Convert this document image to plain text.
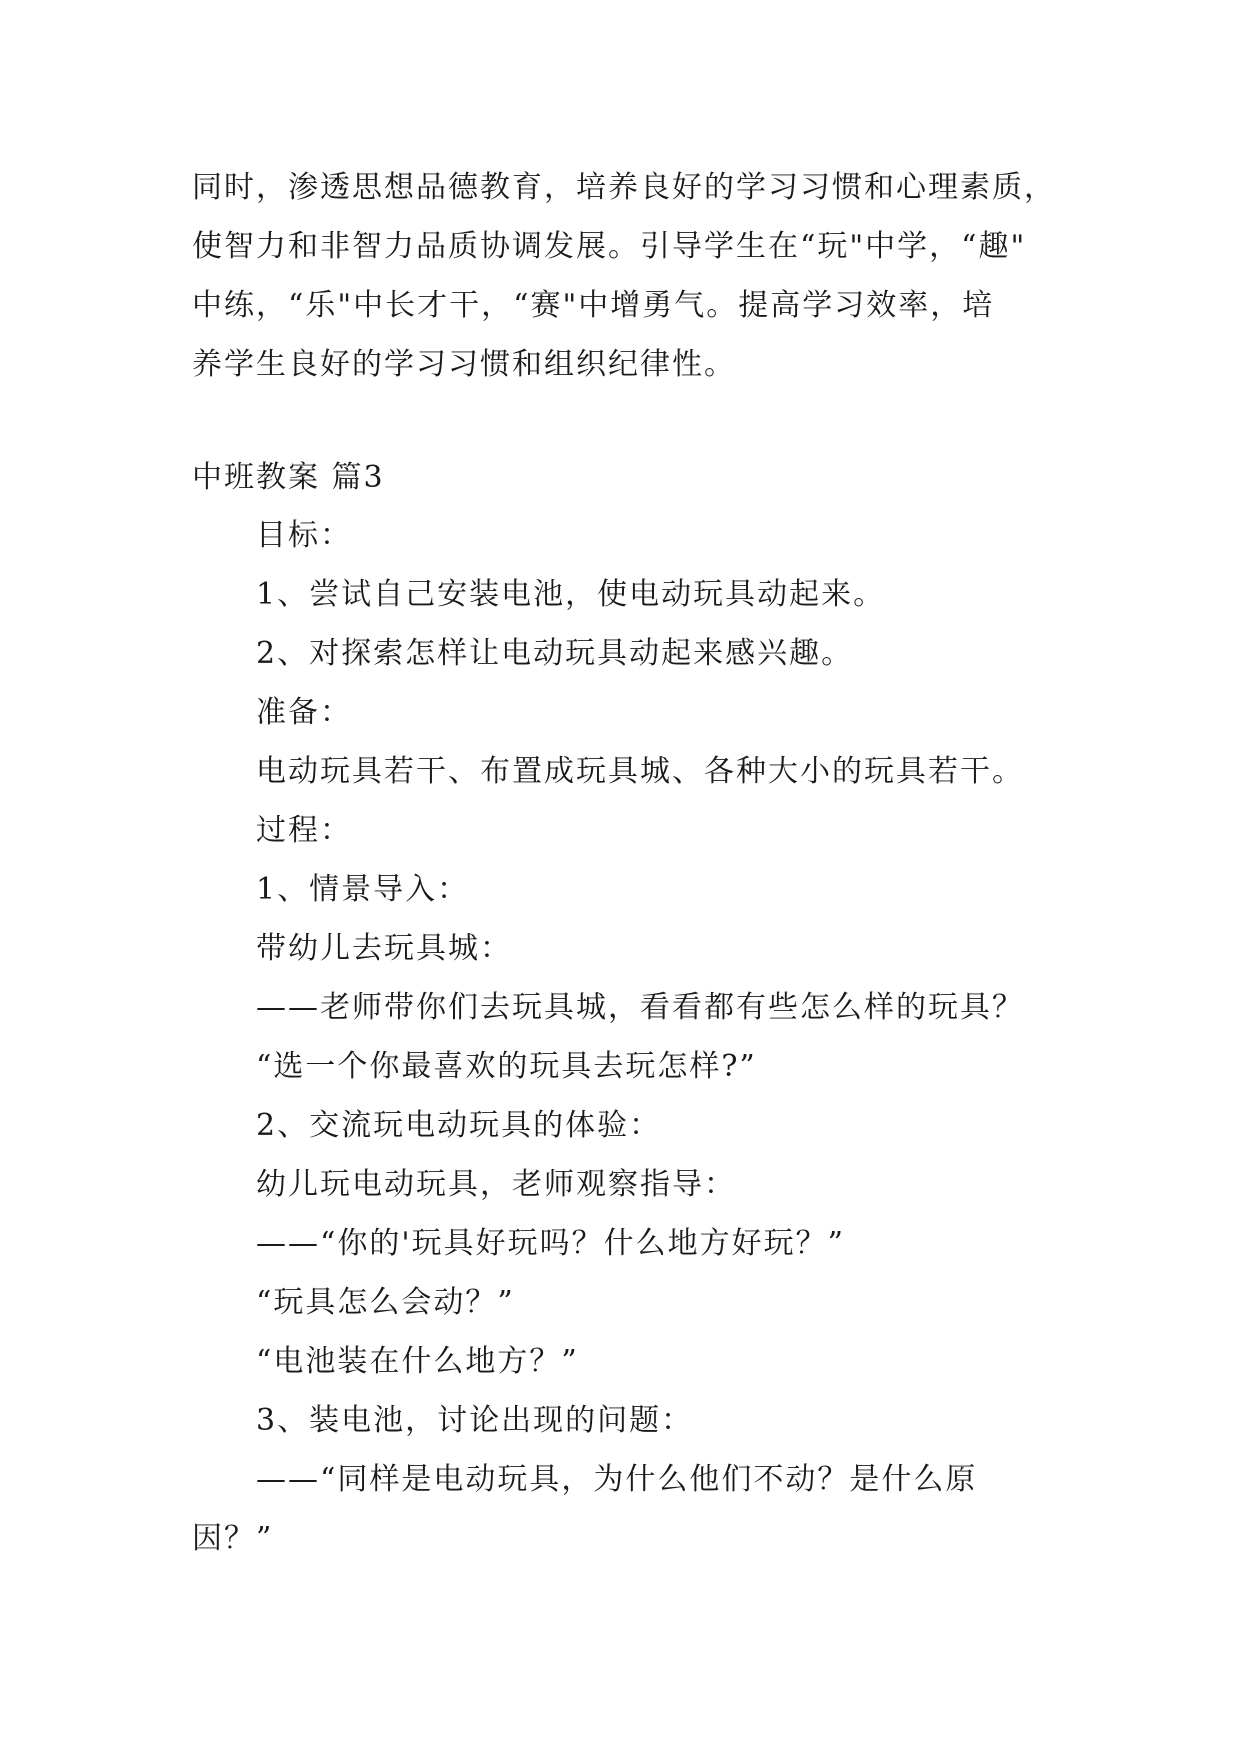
同时，渗透思想品德教育，培养良好的学习习惯和心理素质，
使智力和非智力品质协调发展。引导学生在“玩"中学，“趣"
中练，“乐"中长才干，“赛"中增勇气。提高学习效率，培
养学生良好的学习习惯和组织纪律性。
中班教案 篇3
目标：
1、尝试自己安装电池，使电动玩具动起来。
2、对探索怎样让电动玩具动起来感兴趣。
准备：
电动玩具若干、布置成玩具城、各种大小的玩具若干。
过程：
1、情景导入：
带幼儿去玩具城：
——老师带你们去玩具城，看看都有些怎么样的玩具？
“选一个你最喜欢的玩具去玩怎样?”
2、交流玩电动玩具的体验：
幼儿玩电动玩具，老师观察指导：
——“你的'玩具好玩吗？什么地方好玩？”
“玩具怎么会动？”
“电池装在什么地方？”
3、装电池，讨论出现的问题：
——“同样是电动玩具，为什么他们不动？是什么原
因？”
